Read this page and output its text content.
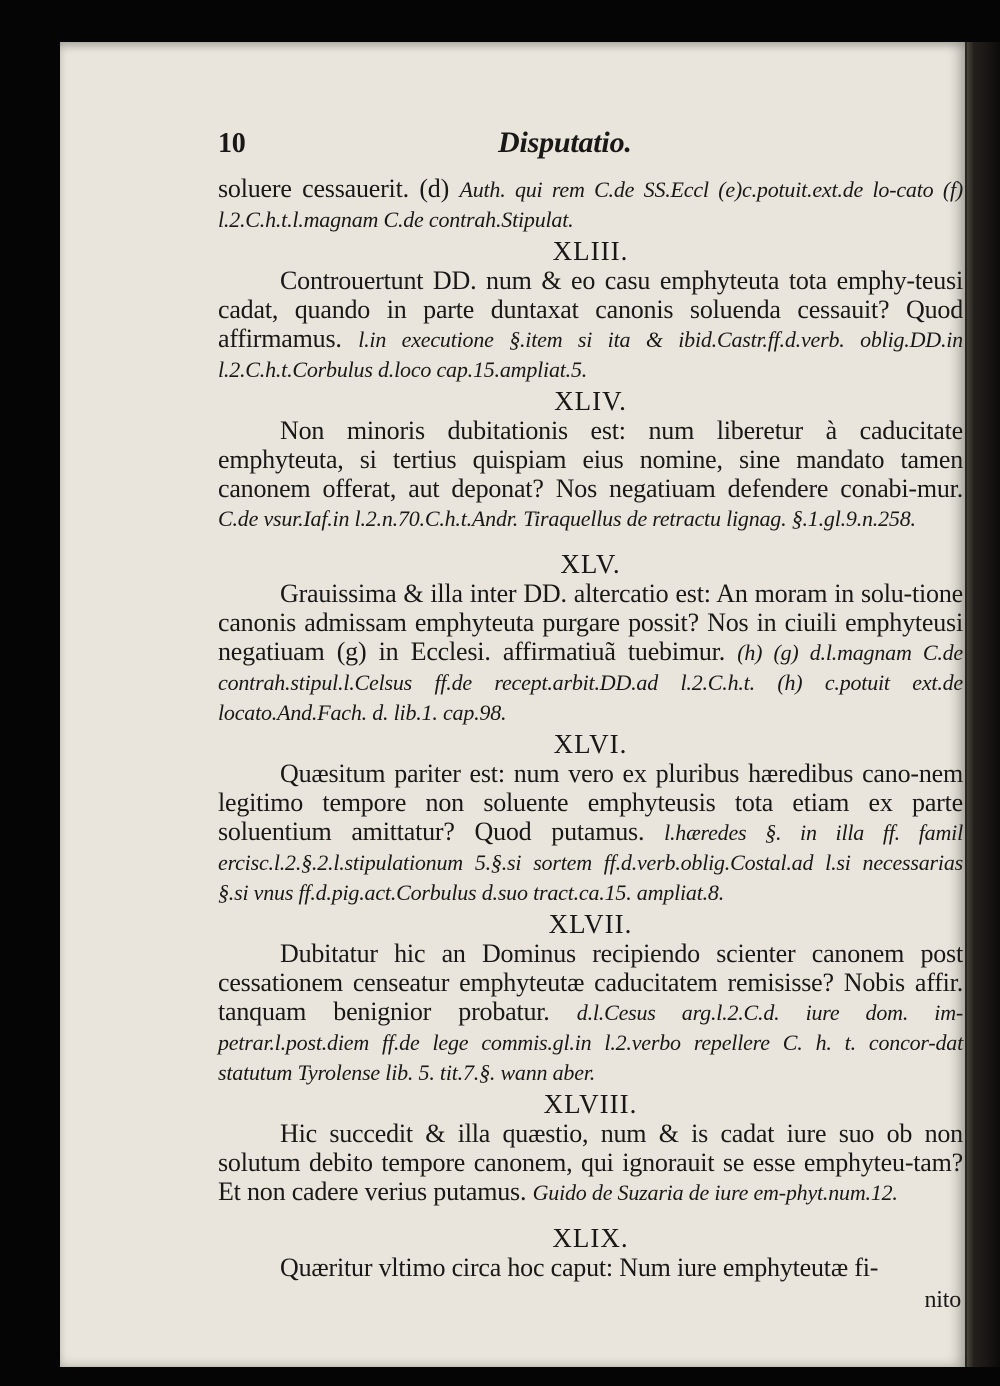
10	Disputatio.

soluere cessauerit. (d) Auth. qui rem C.de SS.Eccl (e)c.potuit.ext.de lo-cato (f) l.2.C.h.t.l.magnam C.de contrah.Stipulat.

XLIII.

Controuertunt DD. num & eo casu emphyteuta tota emphy-teusi cadat, quando in parte duntaxat canonis soluenda cessauit? Quod affirmamus. l.in executione §.item si ita & ibid.Castr.ff.d.verb. oblig.DD.in l.2.C.h.t.Corbulus d.loco cap.15.ampliat.5.

XLIV.

Non minoris dubitationis est: num liberetur à caducitate emphyteuta, si tertius quispiam eius nomine, sine mandato tamen canonem offerat, aut deponat? Nos negatiuam defendere conabi-mur. C.de vsur.Iaf.in l.2.n.70.C.h.t.Andr. Tiraquellus de retractu lignag. §.1.gl.9.n.258.

XLV.

Grauissima & illa inter DD. altercatio est: An moram in solu-tione canonis admissam emphyteuta purgare possit? Nos in ciuili emphyteusi negatiuam (g) in Ecclesi. affirmatiuã tuebimur. (h) (g) d.l.magnam C.de contrah.stipul.l.Celsus ff.de recept.arbit.DD.ad l.2.C.h.t. (h) c.potuit ext.de locato.And.Fach. d. lib.1. cap.98.

XLVI.

Quæsitum pariter est: num vero ex pluribus hæredibus cano-nem legitimo tempore non soluente emphyteusis tota etiam ex parte soluentium amittatur? Quod putamus. l.hæredes §. in illa ff. famil ercisc.l.2.§.2.l.stipulationum 5.§.si sortem ff.d.verb.oblig.Costal.ad l.si necessarias §.si vnus ff.d.pig.act.Corbulus d.suo tract.ca.15. ampliat.8.

XLVII.

Dubitatur hic an Dominus recipiendo scienter canonem post cessationem censeatur emphyteutæ caducitatem remisisse? Nobis affir. tanquam benignior probatur. d.l.Cesus arg.l.2.C.d. iure dom. im-petrar.l.post.diem ff.de lege commis.gl.in l.2.verbo repellere C. h. t. concor-dat statutum Tyrolense lib. 5. tit.7.§. wann aber.

XLVIII.

Hic succedit & illa quæstio, num & is cadat iure suo ob non solutum debito tempore canonem, qui ignorauit se esse emphyteu-tam? Et non cadere verius putamus. Guido de Suzaria de iure em-phyt.num.12.

XLIX.

Quæritur vltimo circa hoc caput: Num iure emphyteutæ fi-

nito
